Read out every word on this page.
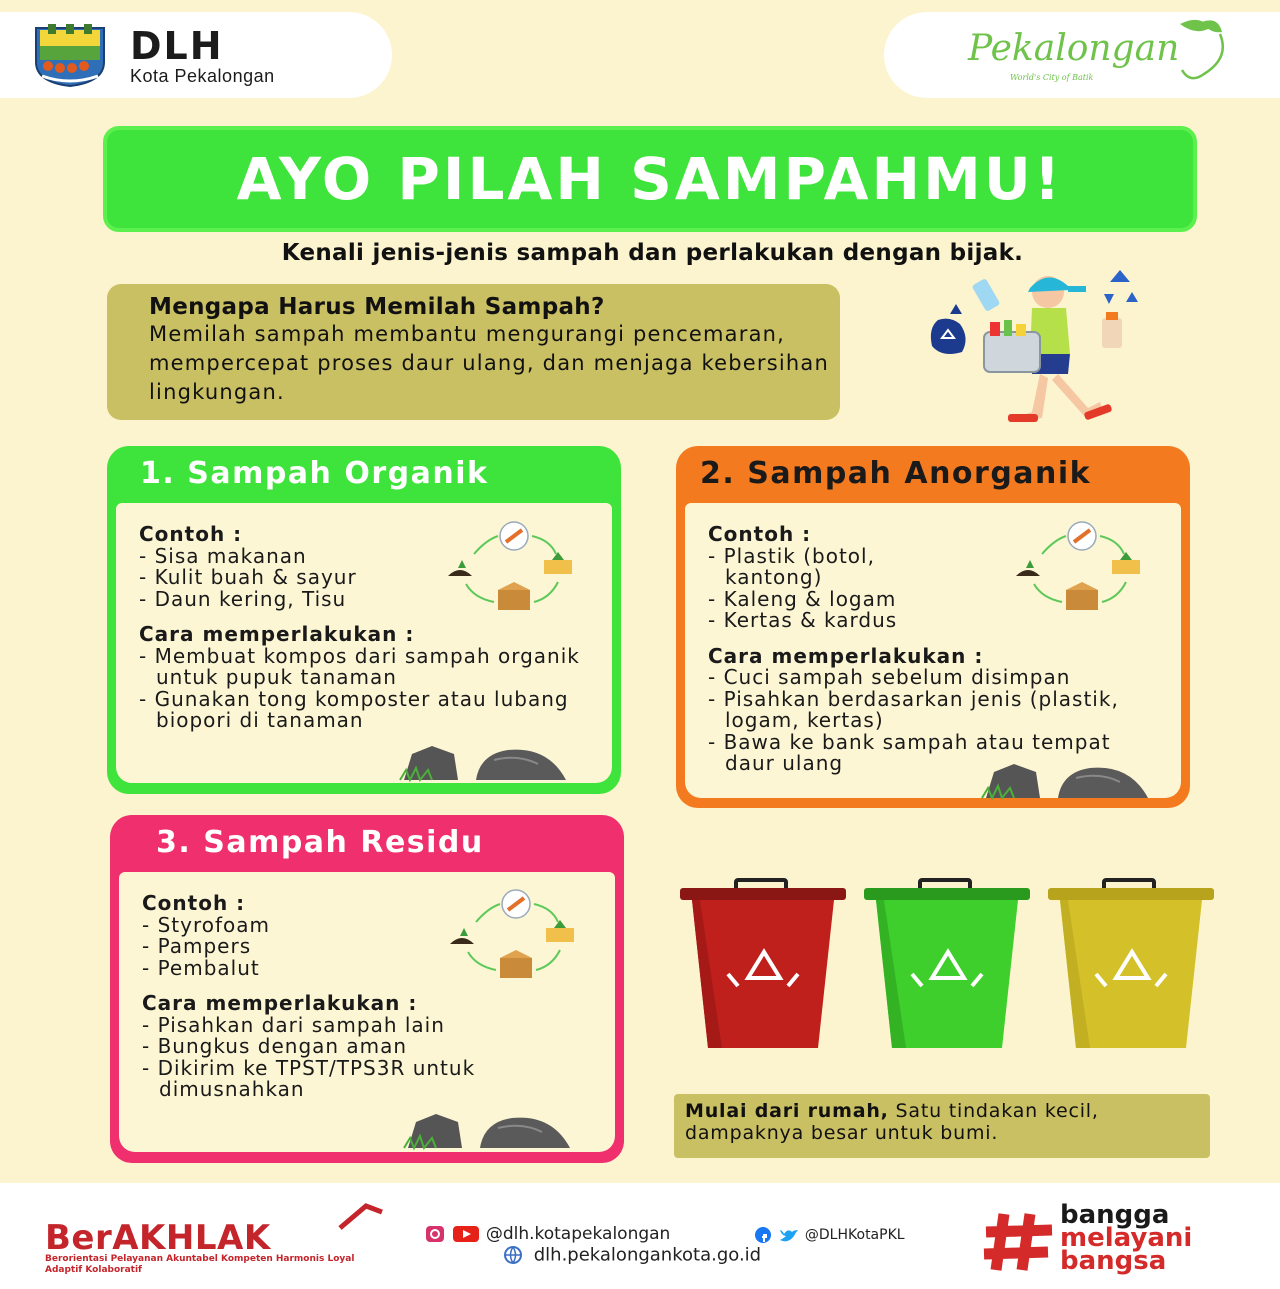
DLH
Kota Pekalongan
Pekalongan
World's City of Batik
AYO PILAH SAMPAHMU!
Kenali jenis-jenis sampah dan perlakukan dengan bijak.
Mengapa Harus Memilah Sampah?
Memilah sampah membantu mengurangi pencemaran, mempercepat proses daur ulang, dan menjaga kebersihan lingkungan.
1. Sampah Organik
Contoh :
- Sisa makanan
- Kulit buah & sayur
- Daun kering, Tisu
Cara memperlakukan :
- Membuat kompos dari sampah organik untuk pupuk tanaman
- Gunakan tong komposter atau lubang biopori di tanaman
2. Sampah Anorganik
Contoh :
- Plastik (botol, kantong)
- Kaleng & logam
- Kertas & kardus
Cara memperlakukan :
- Cuci sampah sebelum disimpan
- Pisahkan berdasarkan jenis (plastik, logam, kertas)
- Bawa ke bank sampah atau tempat daur ulang
3. Sampah Residu
Contoh :
- Styrofoam
- Pampers
- Pembalut
Cara memperlakukan :
- Pisahkan dari sampah lain
- Bungkus dengan aman
- Dikirim ke TPST/TPS3R untuk dimusnahkan
Mulai dari rumah, Satu tindakan kecil, dampaknya besar untuk bumi.
BerAKHLAK
Berorientasi Pelayanan Akuntabel Kompeten Harmonis Loyal Adaptif Kolaboratif
@dlh.kotapekalongan	@DLHKotaPKL
dlh.pekalongankota.go.id
bangga
melayani
bangsa
